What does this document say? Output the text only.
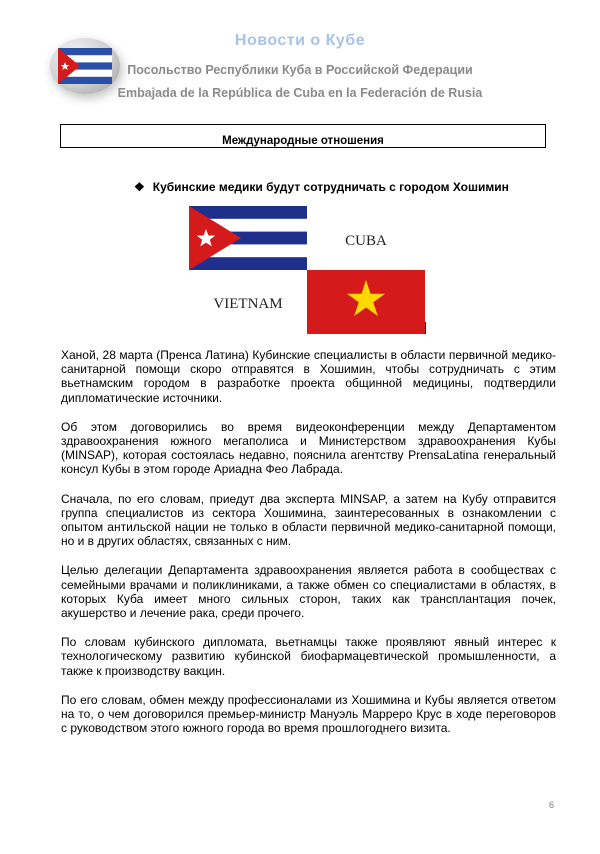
Новости о Кубе
Посольство Республики Куба в Российской Федерации
Embajada de la República de Cuba en la Federación de Rusia
Международные отношения
❖ Кубинские медики будут сотрудничать с городом Хошимин
CUBA
VIETNAM

Ханой, 28 марта (Пренса Латина) Кубинские специалисты в области первичной медико-санитарной помощи скоро отправятся в Хошимин, чтобы сотрудничать с этим вьетнамским городом в разработке проекта общинной медицины, подтвердили дипломатические источники.

Об этом договорились во время видеоконференции между Департаментом здравоохранения южного мегаполиса и Министерством здравоохранения Кубы (MINSAP), которая состоялась недавно, пояснила агентству PrensaLatina генеральный консул Кубы в этом городе Ариадна Фео Лабрада.

Сначала, по его словам, приедут два эксперта MINSAP, а затем на Кубу отправится группа специалистов из сектора Хошимина, заинтересованных в ознакомлении с опытом антильской нации не только в области первичной медико-санитарной помощи, но и в других областях, связанных с ним.

Целью делегации Департамента здравоохранения является работа в сообществах с семейными врачами и поликлиниками, а также обмен со специалистами в областях, в которых Куба имеет много сильных сторон, таких как трансплантация почек, акушерство и лечение рака, среди прочего.

По словам кубинского дипломата, вьетнамцы также проявляют явный интерес к технологическому развитию кубинской биофармацевтической промышленности, а также к производству вакцин.

По его словам, обмен между профессионалами из Хошимина и Кубы является ответом на то, о чем договорился премьер-министр Мануэль Марреро Крус в ходе переговоров с руководством этого южного города во время прошлогоднего визита.

6
